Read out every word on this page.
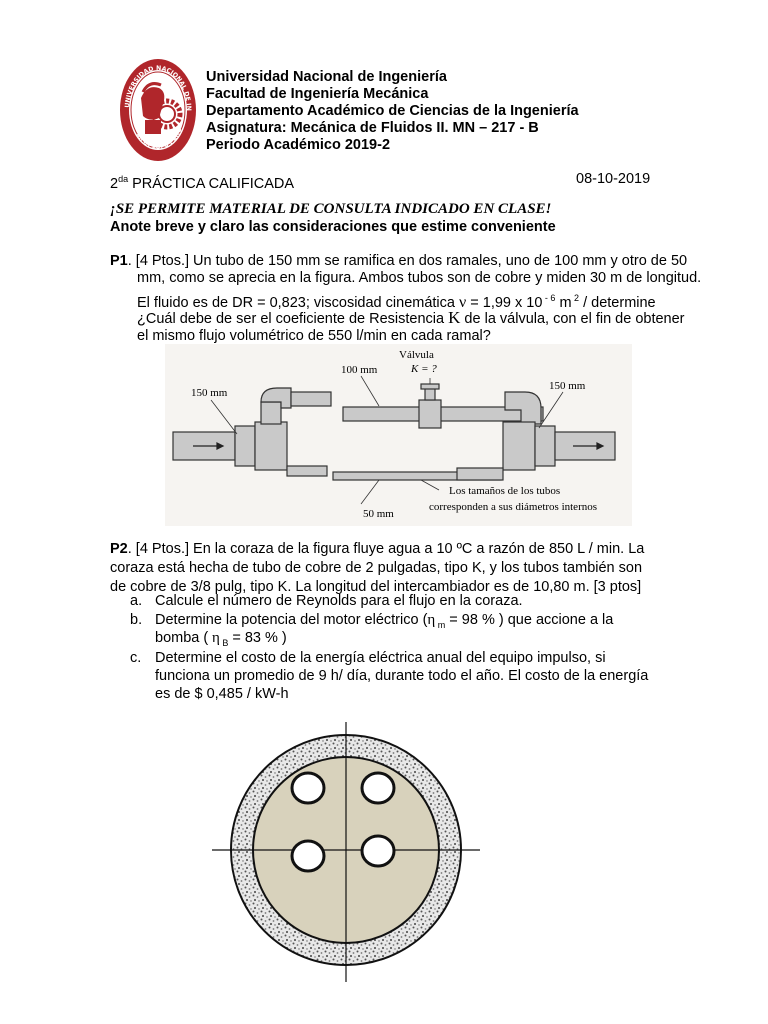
UNIVERSIDAD NACIONAL DE IN
LIMA 1876 PERU
Universidad Nacional de Ingeniería
Facultad de Ingeniería Mecánica
Departamento Académico de Ciencias de la Ingeniería
Asignatura: Mecánica de Fluidos II. MN – 217 - B
Periodo Académico 2019-2
$2^{da}$ PRÁCTICA CALIFICADA	08-10-2019
¡SE PERMITE MATERIAL DE CONSULTA INDICADO EN CLASE!
Anote breve y claro las consideraciones que estime conveniente
P1. [4 Ptos.] Un tubo de 150 mm se ramifica en dos ramales, uno de 100 mm y otro de 50
mm, como se aprecia en la figura. Ambos tubos son de cobre y miden 30 m de longitud.
El fluido es de DR = 0,823; viscosidad cinemática ν = 1,99 x 10 $^{- 6}$ m $^2$ / determine
¿Cuál debe de ser el coeficiente de Resistencia K de la válvula, con el fin de obtener
el mismo flujo volumétrico de 550 l/min en cada ramal?
150 mm
100 mm
Válvula
K = ?
150 mm
50 mm
Los tamaños de los tubos
corresponden a sus diámetros internos
P2. [4 Ptos.] En la coraza de la figura fluye agua a 10 ºC a razón de 850 L / min. La
coraza está hecha de tubo de cobre de 2 pulgadas, tipo K, y los tubos también son
de cobre de 3/8 pulg, tipo K. La longitud del intercambiador es de 10,80 m. [3 ptos]
a. Calcule el número de Reynolds para el flujo en la coraza.
b. Determine la potencia del motor eléctrico (η $_m$ = 98 % ) que accione a la
bomba ( η $_B$ = 83 % )
c. Determine el costo de la energía eléctrica anual del equipo impulso, si
funciona un promedio de 9 h/ día, durante todo el año. El costo de la energía
es de $ 0,485 / kW-h
